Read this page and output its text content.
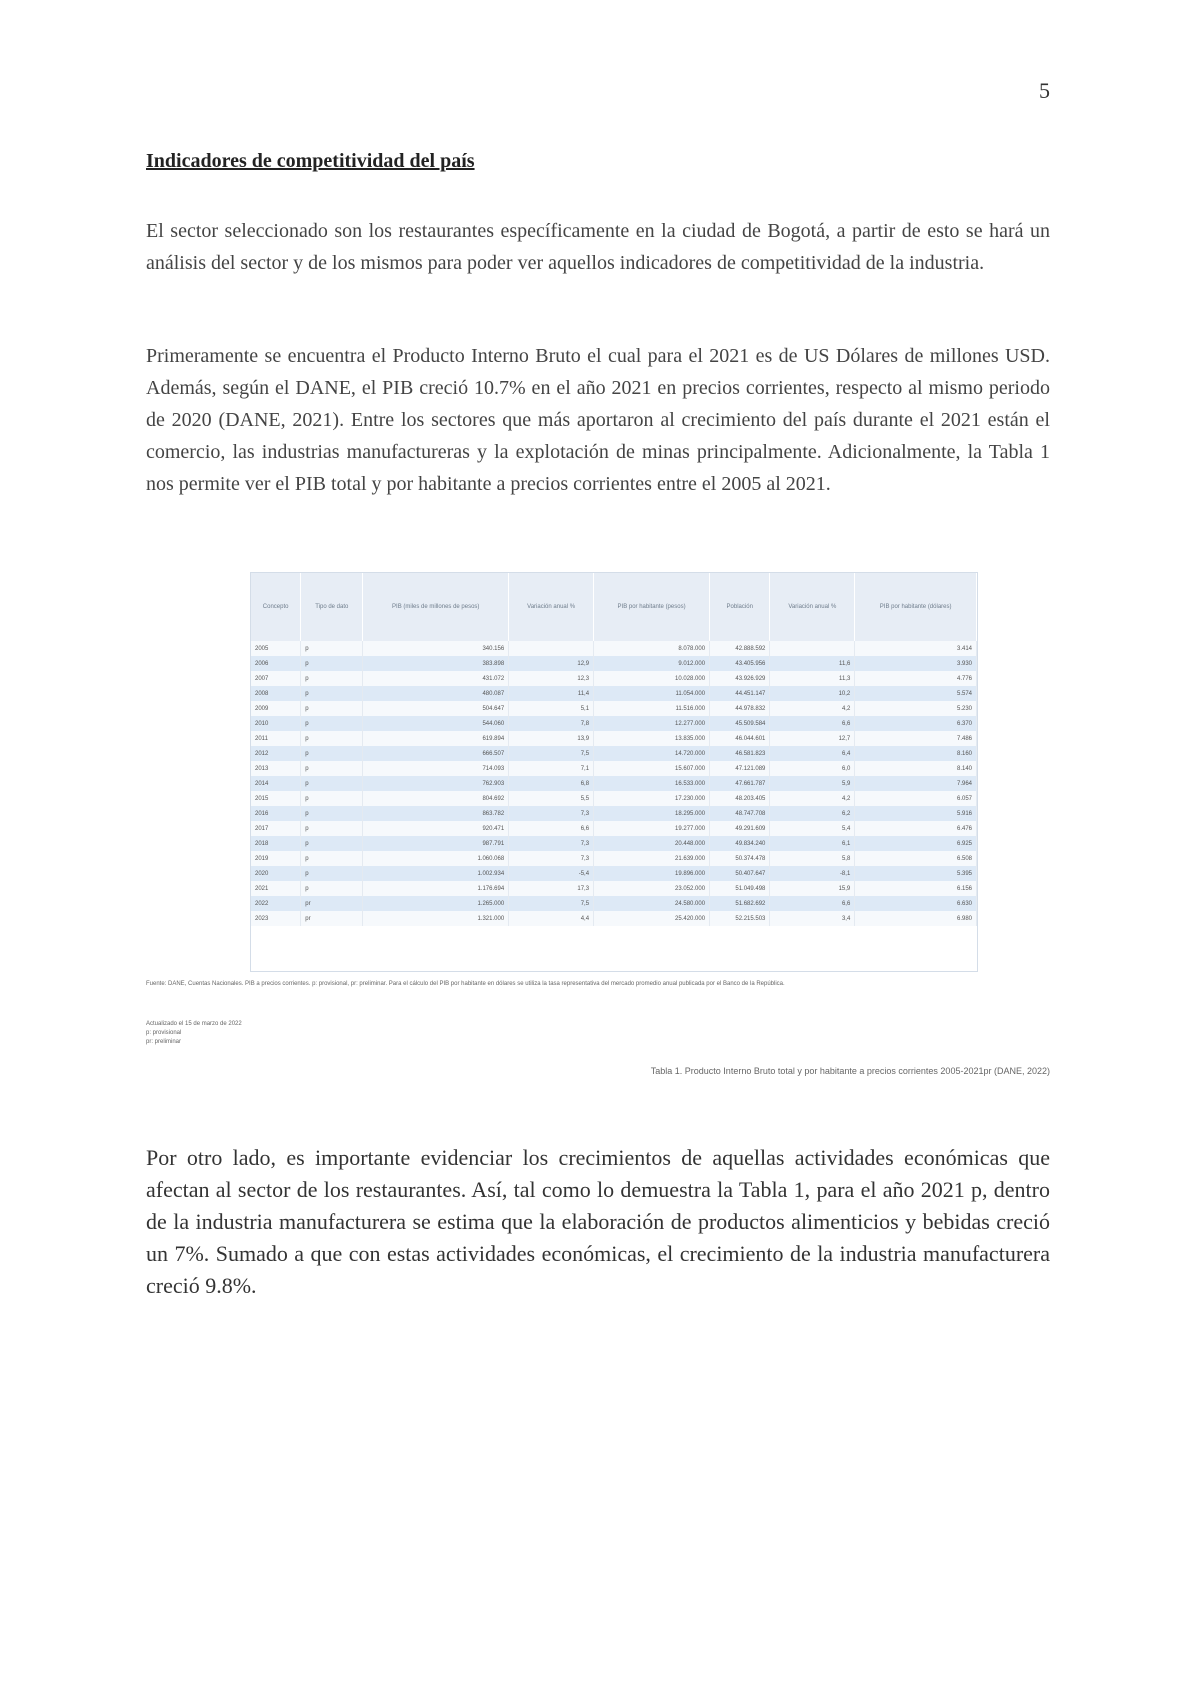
5
Indicadores de competitividad del país
El sector seleccionado son los restaurantes específicamente en la ciudad de Bogotá, a partir de esto se hará un análisis del sector y de los mismos para poder ver aquellos indicadores de competitividad de la industria.
Primeramente se encuentra el Producto Interno Bruto el cual para el 2021 es de US Dólares de millones USD. Además, según el DANE, el PIB creció 10.7% en el año 2021 en precios corrientes, respecto al mismo periodo de 2020 (DANE, 2021). Entre los sectores que más aportaron al crecimiento del país durante el 2021 están el comercio, las industrias manufactureras y la explotación de minas principalmente. Adicionalmente, la Tabla 1 nos permite ver el PIB total y por habitante a precios corrientes entre el 2005 al 2021.
Concepto	Tipo de dato	PIB (miles de millones de pesos)	Variación anual %	PIB por habitante (pesos)	Población	Variación anual %	PIB por habitante (dólares)
2005	p	340.156		8.078.000	42.888.592		3.414
2006	p	383.898	12,9	9.012.000	43.405.956	11,6	3.930
2007	p	431.072	12,3	10.028.000	43.926.929	11,3	4.776
2008	p	480.087	11,4	11.054.000	44.451.147	10,2	5.574
2009	p	504.647	5,1	11.516.000	44.978.832	4,2	5.230
2010	p	544.060	7,8	12.277.000	45.509.584	6,6	6.370
2011	p	619.894	13,9	13.835.000	46.044.601	12,7	7.486
2012	p	666.507	7,5	14.720.000	46.581.823	6,4	8.160
2013	p	714.093	7,1	15.607.000	47.121.089	6,0	8.140
2014	p	762.903	6,8	16.533.000	47.661.787	5,9	7.964
2015	p	804.692	5,5	17.230.000	48.203.405	4,2	6.057
2016	p	863.782	7,3	18.295.000	48.747.708	6,2	5.916
2017	p	920.471	6,6	19.277.000	49.291.609	5,4	6.476
2018	p	987.791	7,3	20.448.000	49.834.240	6,1	6.925
2019	p	1.060.068	7,3	21.639.000	50.374.478	5,8	6.508
2020	p	1.002.934	-5,4	19.896.000	50.407.647	-8,1	5.395
2021	p	1.176.694	17,3	23.052.000	51.049.498	15,9	6.156
2022	pr	1.265.000	7,5	24.580.000	51.682.692	6,6	6.630
2023	pr	1.321.000	4,4	25.420.000	52.215.503	3,4	6.980
Fuente: DANE, Cuentas Nacionales. PIB a precios corrientes. p: provisional, pr: preliminar. Para el cálculo del PIB por habitante en dólares se utiliza la tasa representativa del mercado promedio anual publicada por el Banco de la República.
Actualizado el 15 de marzo de 2022
p: provisional
pr: preliminar
Tabla 1. Producto Interno Bruto total y por habitante a precios corrientes 2005-2021pr (DANE, 2022)
Por otro lado, es importante evidenciar los crecimientos de aquellas actividades económicas que afectan al sector de los restaurantes. Así, tal como lo demuestra la Tabla 1, para el año 2021 p, dentro de la industria manufacturera se estima que la elaboración de productos alimenticios y bebidas creció un 7%. Sumado a que con estas actividades económicas, el crecimiento de la industria manufacturera creció 9.8%.
